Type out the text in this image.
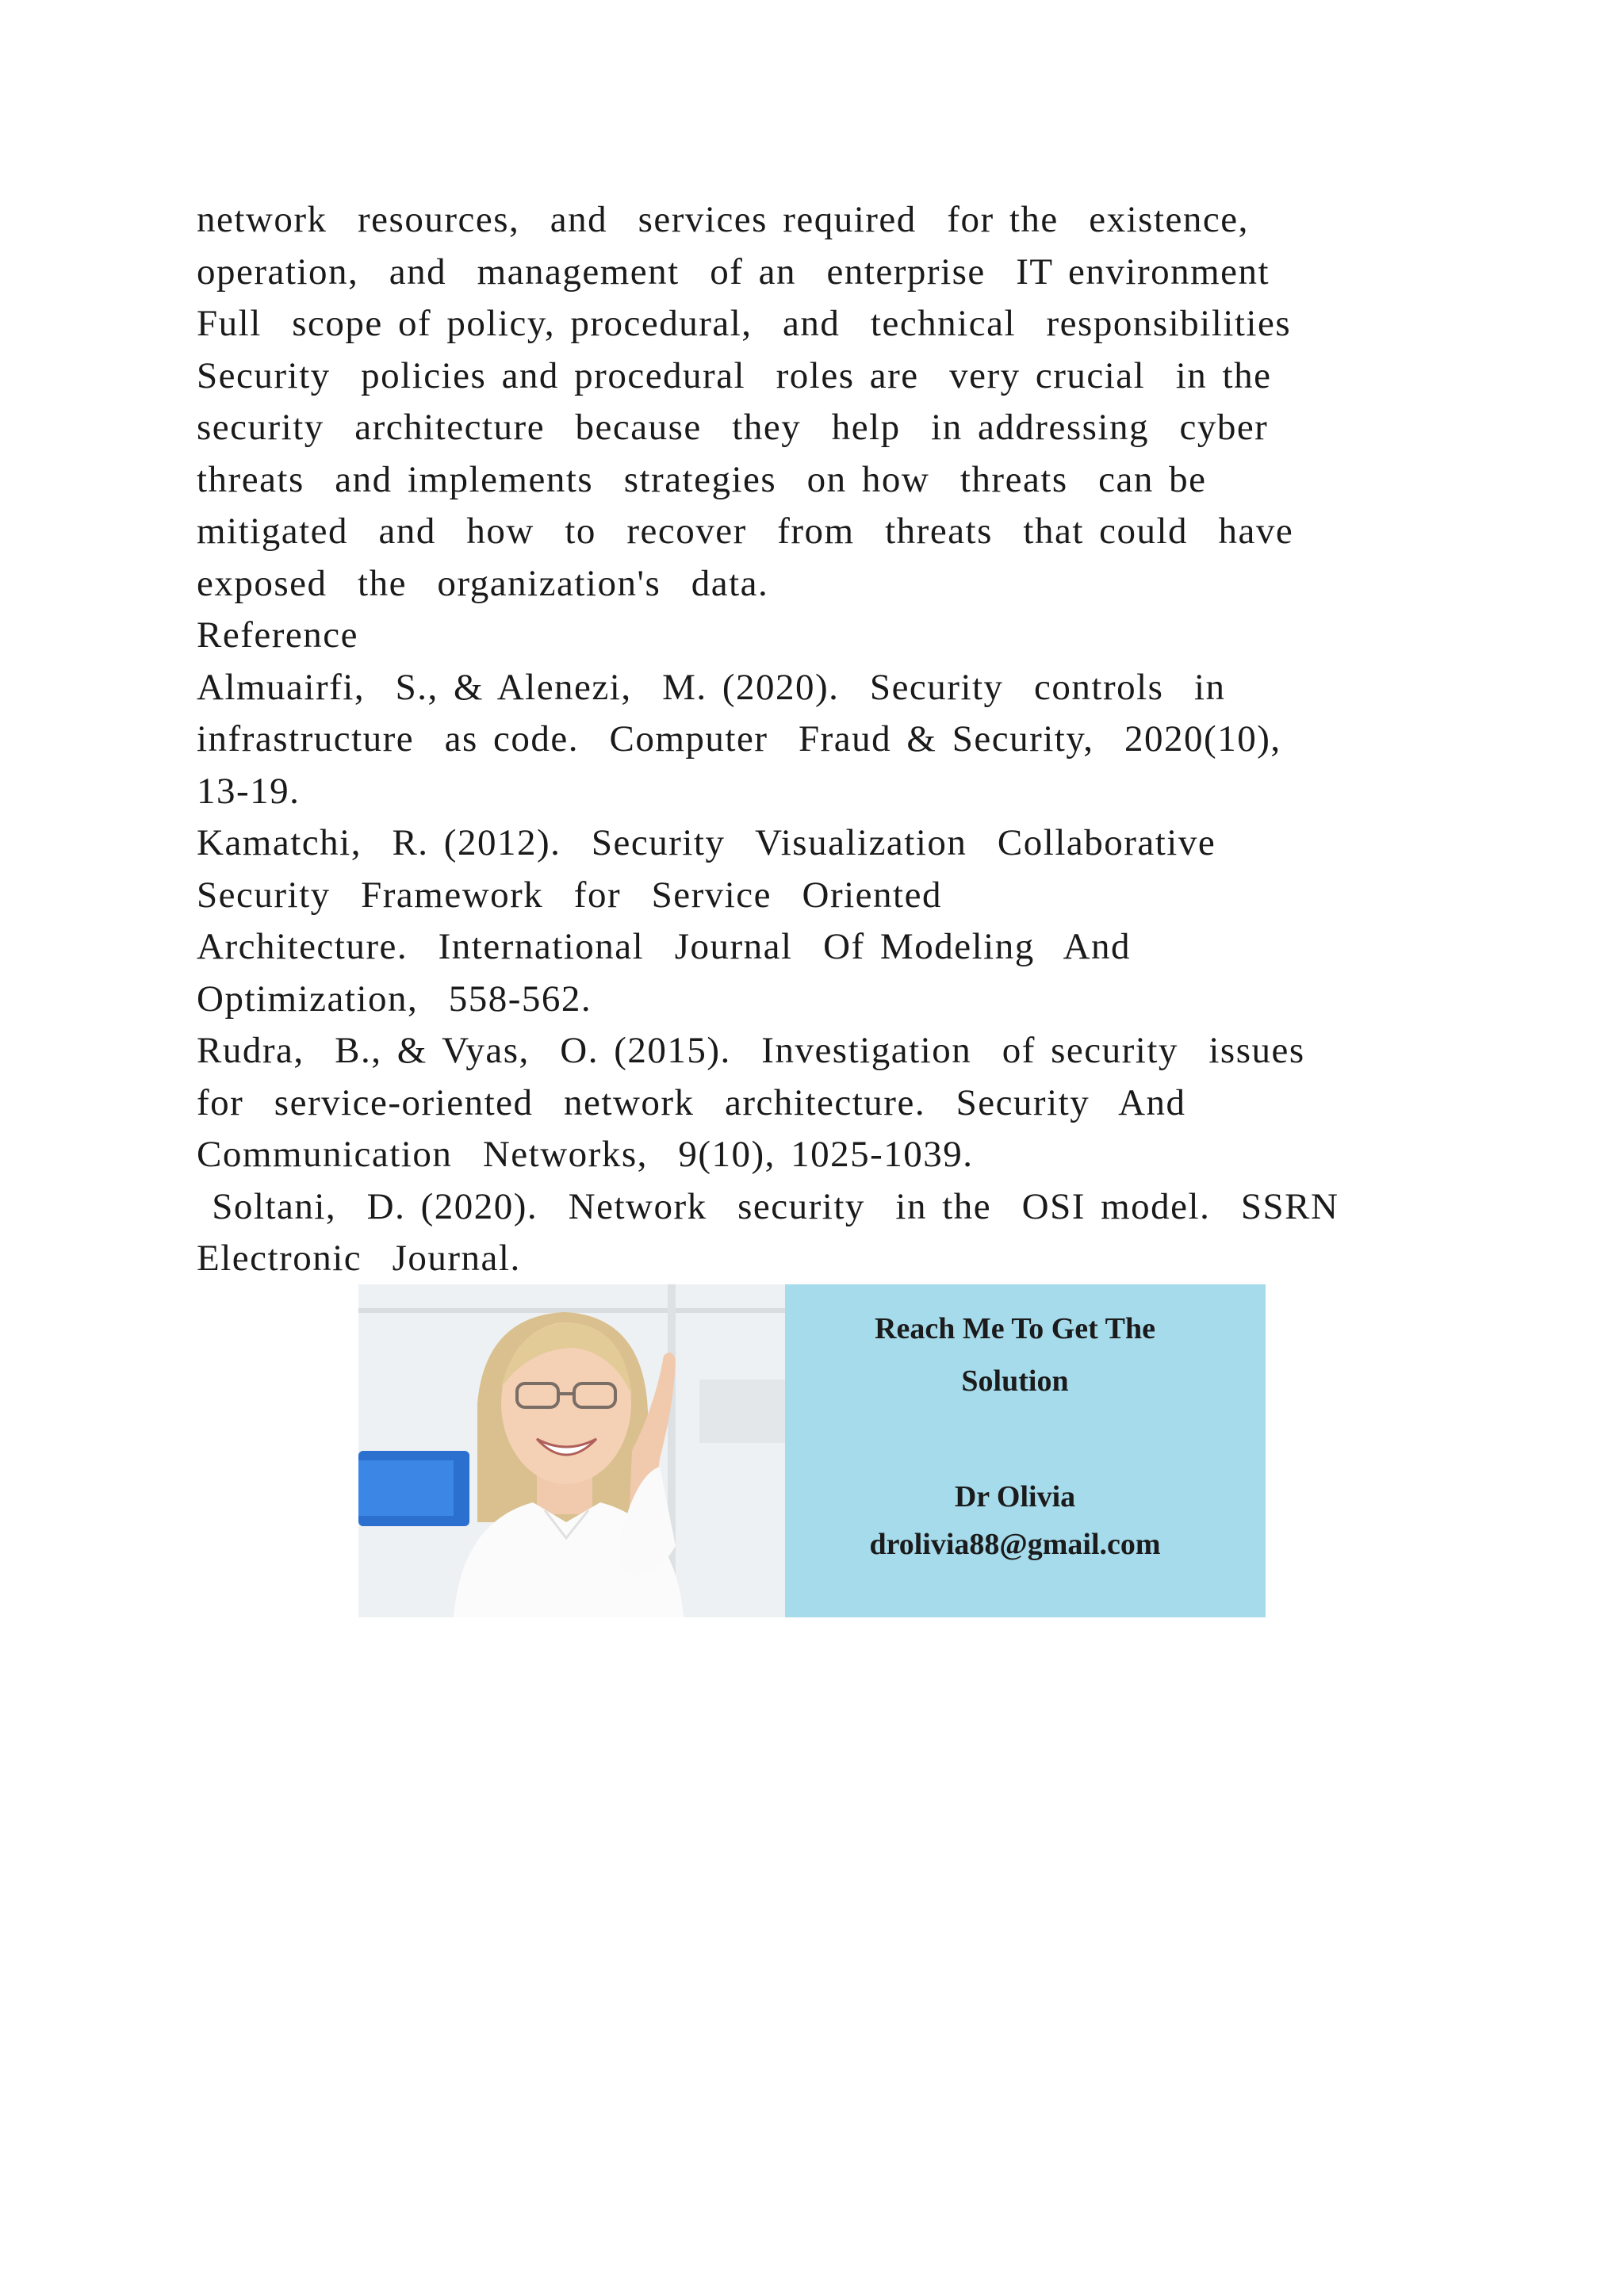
network  resources,  and  services required  for the  existence,
operation,  and  management  of an  enterprise  IT environment
Full  scope of policy, procedural,  and  technical  responsibilities
Security  policies and procedural  roles are  very crucial  in the
security  architecture  because  they  help  in addressing  cyber
threats  and implements  strategies  on how  threats  can be
mitigated  and  how  to  recover  from  threats  that could  have
exposed  the  organization's  data.
Reference
Almuairfi,  S., & Alenezi,  M. (2020).  Security  controls  in
infrastructure  as code.  Computer  Fraud & Security,  2020(10),
13-19.
Kamatchi,  R. (2012).  Security  Visualization  Collaborative
Security  Framework  for  Service  Oriented
Architecture.  International  Journal  Of Modeling  And
Optimization,  558-562.
Rudra,  B., & Vyas,  O. (2015).  Investigation  of security  issues
for  service-oriented  network  architecture.  Security  And
Communication  Networks,  9(10), 1025-1039.
Soltani,  D. (2020).  Network  security  in the  OSI model.  SSRN
Electronic  Journal.
Reach Me To Get The
Solution
Dr Olivia
drolivia88@gmail.com
